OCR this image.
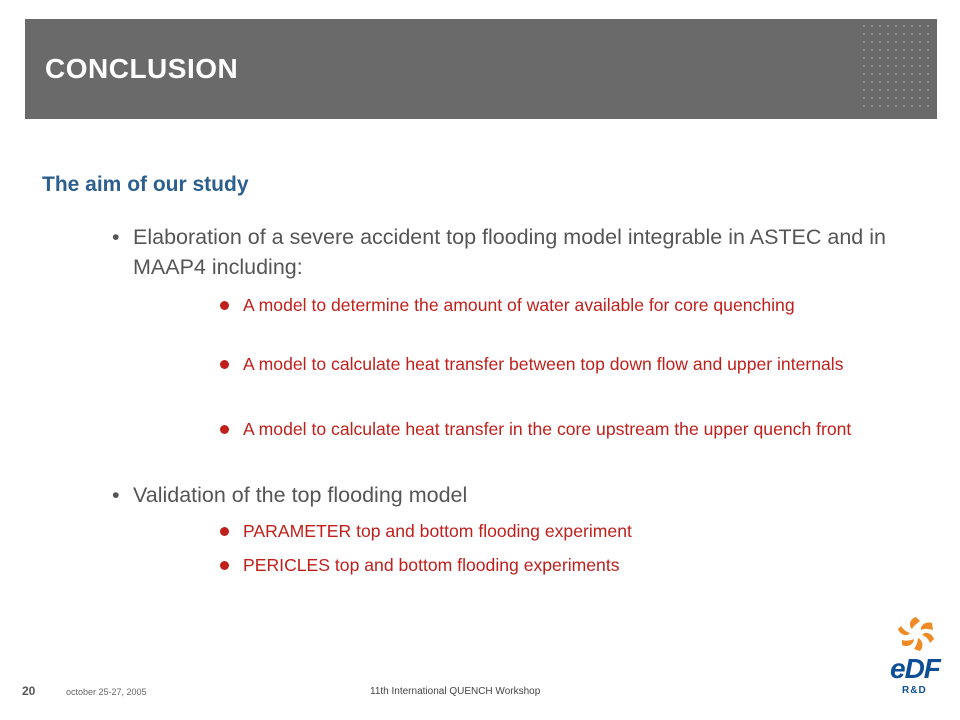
CONCLUSION
The aim of our study
• Elaboration of a severe accident top flooding model integrable in ASTEC and in MAAP4 including:
A model to determine the amount of water available for core quenching
A model to calculate heat transfer between top down flow and upper internals
A model to calculate heat transfer in the core upstream the upper quench front
• Validation of the top flooding model
PARAMETER top and bottom flooding experiment
PERICLES top and bottom flooding experiments
20	october 25-27, 2005	11th International QUENCH Workshop
eDF
R&D
